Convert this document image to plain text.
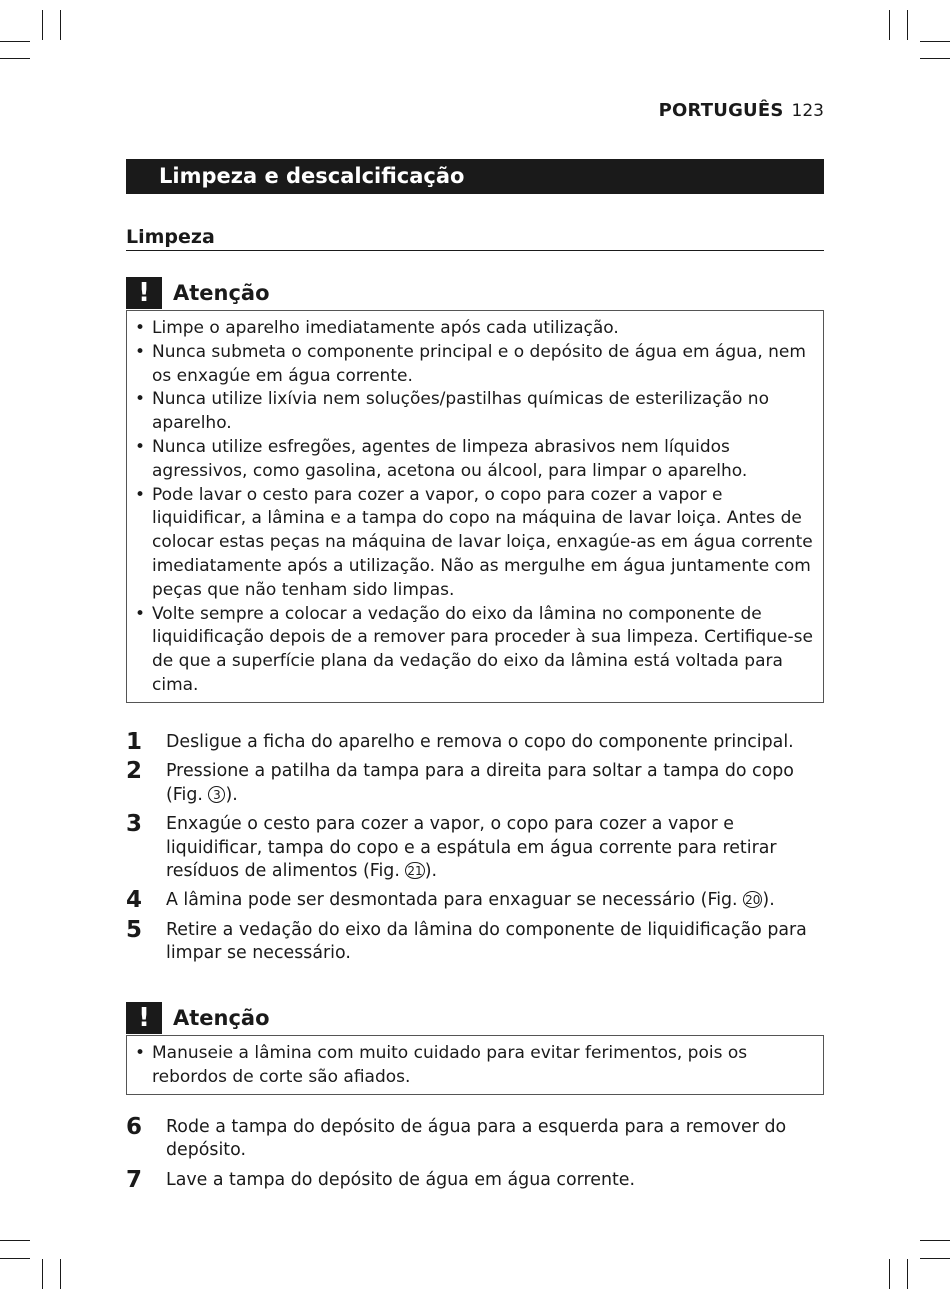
PORTUGUÊS 123
Limpeza e descalcificação
Limpeza
!	Atenção
• Limpe o aparelho imediatamente após cada utilização.
• Nunca submeta o componente principal e o depósito de água em água, nem os enxagúe em água corrente.
• Nunca utilize lixívia nem soluções/pastilhas químicas de esterilização no aparelho.
• Nunca utilize esfregões, agentes de limpeza abrasivos nem líquidos agressivos, como gasolina, acetona ou álcool, para limpar o aparelho.
• Pode lavar o cesto para cozer a vapor, o copo para cozer a vapor e liquidificar, a lâmina e a tampa do copo na máquina de lavar loiça. Antes de colocar estas peças na máquina de lavar loiça, enxagúe-as em água corrente imediatamente após a utilização. Não as mergulhe em água juntamente com peças que não tenham sido limpas.
• Volte sempre a colocar a vedação do eixo da lâmina no componente de liquidificação depois de a remover para proceder à sua limpeza. Certifique-se de que a superfície plana da vedação do eixo da lâmina está voltada para cima.
1 Desligue a ficha do aparelho e remova o copo do componente principal.
2 Pressione a patilha da tampa para a direita para soltar a tampa do copo (Fig. 3 ).
3 Enxagúe o cesto para cozer a vapor, o copo para cozer a vapor e liquidificar, tampa do copo e a espátula em água corrente para retirar resíduos de alimentos (Fig. 21 ).
4 A lâmina pode ser desmontada para enxaguar se necessário (Fig. 20 ).
5 Retire a vedação do eixo da lâmina do componente de liquidificação para limpar se necessário.
!	Atenção
• Manuseie a lâmina com muito cuidado para evitar ferimentos, pois os rebordos de corte são afiados.
6 Rode a tampa do depósito de água para a esquerda para a remover do depósito.
7 Lave a tampa do depósito de água em água corrente.
